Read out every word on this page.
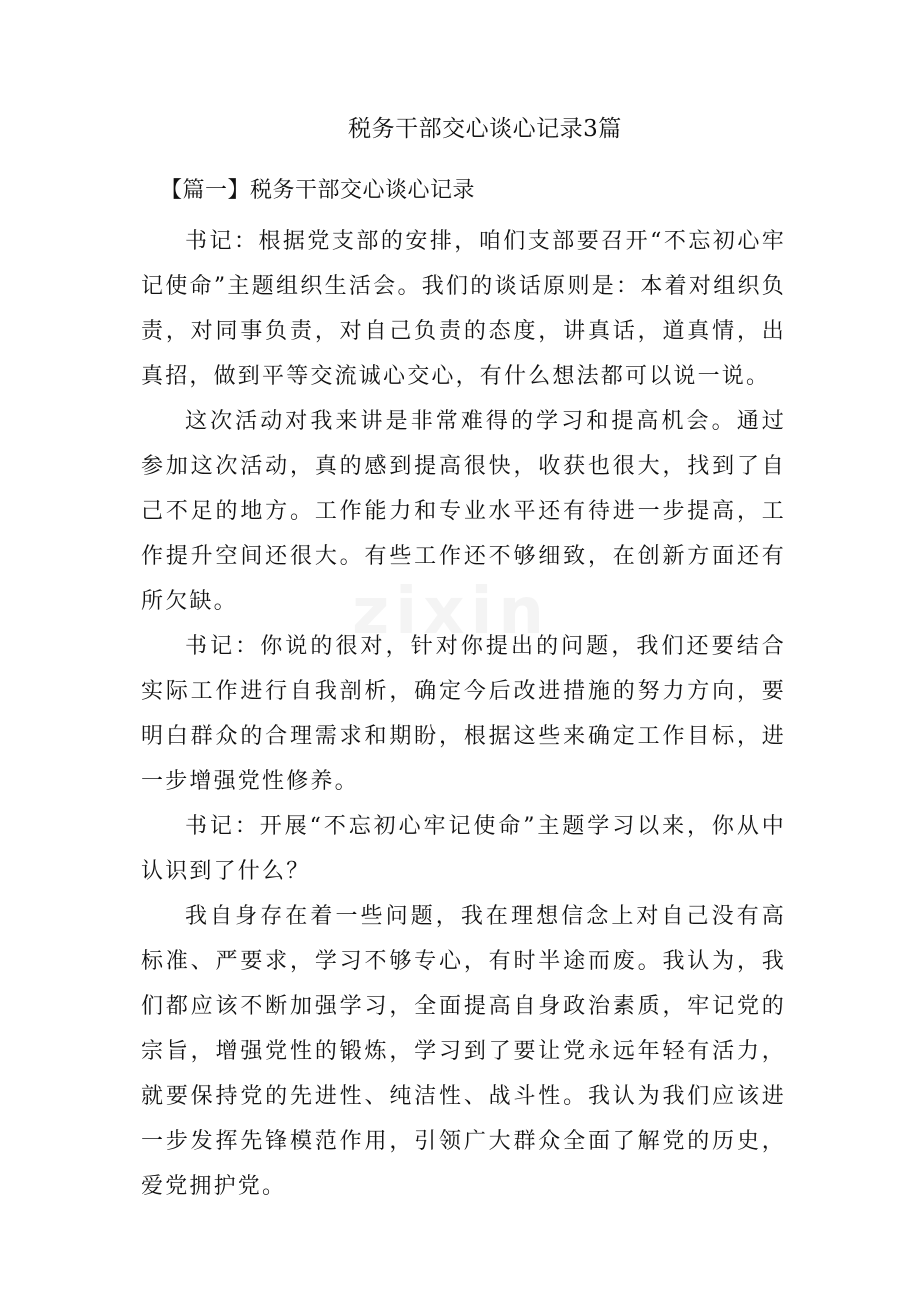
税务干部交心谈心记录3篇
【篇一】税务干部交心谈心记录

书记：根据党支部的安排，咱们支部要召开“不忘初心牢记使命”主题组织生活会。我们的谈话原则是：本着对组织负责，对同事负责，对自己负责的态度，讲真话，道真情，出真招，做到平等交流诚心交心，有什么想法都可以说一说。

这次活动对我来讲是非常难得的学习和提高机会。通过参加这次活动，真的感到提高很快，收获也很大，找到了自己不足的地方。工作能力和专业水平还有待进一步提高，工作提升空间还很大。有些工作还不够细致，在创新方面还有所欠缺。

书记：你说的很对，针对你提出的问题，我们还要结合实际工作进行自我剖析，确定今后改进措施的努力方向，要明白群众的合理需求和期盼，根据这些来确定工作目标，进一步增强党性修养。

书记：开展“不忘初心牢记使命”主题学习以来，你从中认识到了什么？

我自身存在着一些问题，我在理想信念上对自己没有高标准、严要求，学习不够专心，有时半途而废。我认为，我们都应该不断加强学习，全面提高自身政治素质，牢记党的宗旨，增强党性的锻炼，学习到了要让党永远年轻有活力，就要保持党的先进性、纯洁性、战斗性。我认为我们应该进一步发挥先锋模范作用，引领广大群众全面了解党的历史，爱党拥护党。

zixin
